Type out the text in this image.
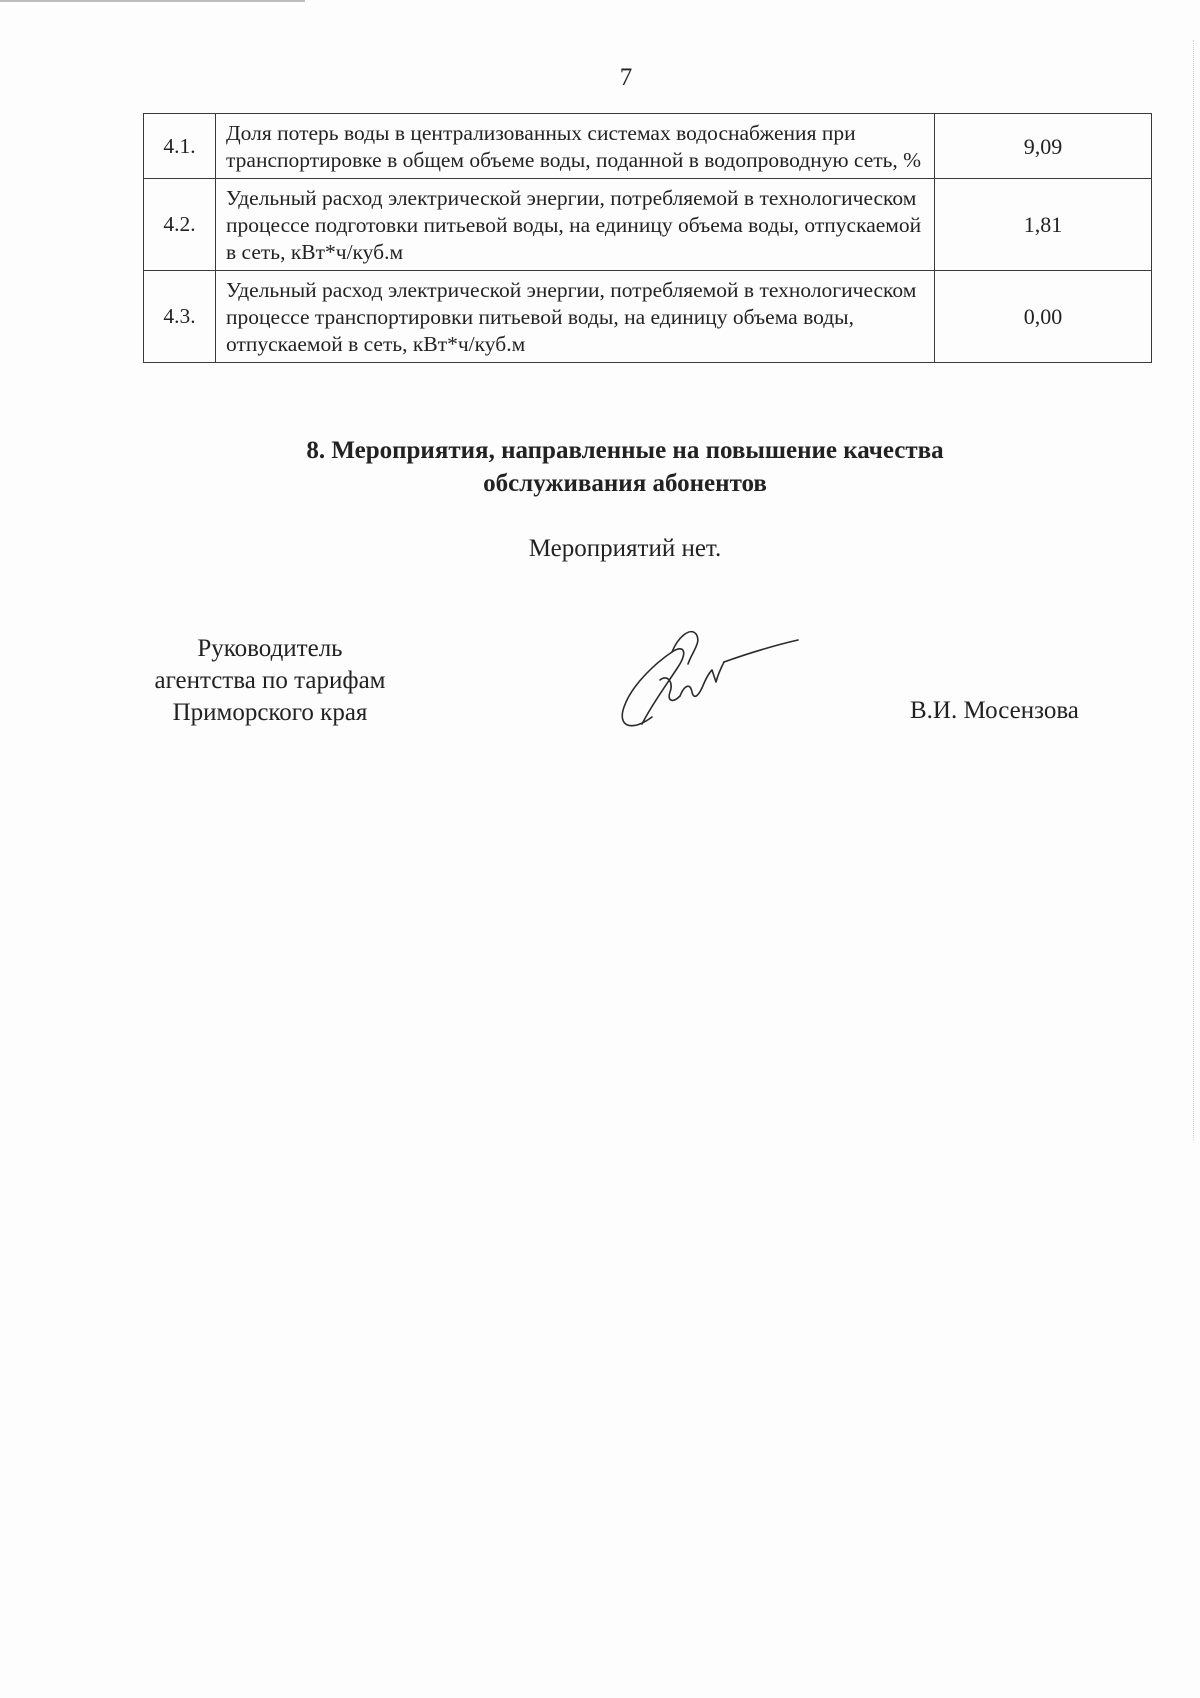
7
4.1.	Доля потерь воды в централизованных системах водоснабжения при транспортировке в общем объеме воды, поданной в водопроводную сеть, %	9,09
4.2.	Удельный расход электрической энергии, потребляемой в технологическом процессе подготовки питьевой воды, на единицу объема воды, отпускаемой в сеть, кВт*ч/куб.м	1,81
4.3.	Удельный расход электрической энергии, потребляемой в технологическом процессе транспортировки питьевой воды, на единицу объема воды, отпускаемой в сеть, кВт*ч/куб.м	0,00
8. Мероприятия, направленные на повышение качества
обслуживания абонентов
Мероприятий нет.
Руководитель
агентства по тарифам
Приморского края	В.И. Мосензова
